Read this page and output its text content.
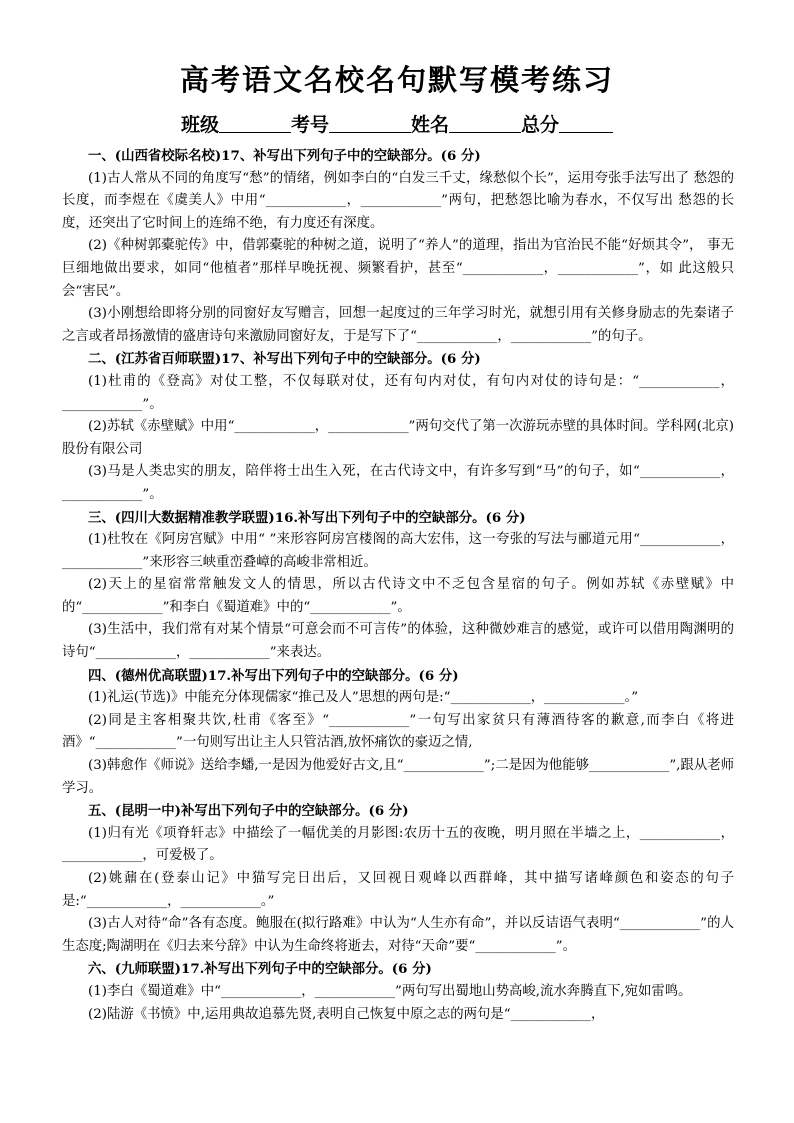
高考语文名校名句默写模考练习
班级	考号	姓名	总分
一、(山西省校际名校)17、补写出下列句子中的空缺部分。(6 分)
(1)古人常从不同的角度写“愁”的情绪，例如李白的“白发三千丈，缘愁似个长”，运用夸张手法写出了 愁怨的长度，而李煜在《虞美人》中用“____________，____________”两句，把愁怨比喻为春水，不仅写出 愁怨的长度，还突出了它时间上的连绵不绝，有力度还有深度。
(2)《种树郭橐驼传》中，借郭橐驼的种树之道，说明了“养人”的道理，指出为官治民不能“好烦其令”， 事无巨细地做出要求，如同“他植者”那样早晚抚视、频繁看护，甚至“____________，____________”，如 此这般只会“害民”。
(3)小刚想给即将分别的同窗好友写赠言，回想一起度过的三年学习时光，就想引用有关修身励志的先秦诸子之言或者昂扬激情的盛唐诗句来激励同窗好友，于是写下了“____________，____________”的句子。
二、(江苏省百师联盟)17、补写出下列句子中的空缺部分。(6 分)
(1)杜甫的《登高》对仗工整，不仅每联对仗，还有句内对仗，有句内对仗的诗句是：“____________，____________”。
(2)苏轼《赤壁赋》中用“____________，____________”两句交代了第一次游玩赤壁的具体时间。学科网(北京)股份有限公司
(3)马是人类忠实的朋友，陪伴将士出生入死，在古代诗文中，有许多写到“马”的句子，如“____________，____________”。
三、(四川大数据精准教学联盟)16.补写出下列句子中的空缺部分。(6 分)
(1)杜牧在《阿房宫赋》中用“ ”来形容阿房宫楼阁的高大宏伟，这一夸张的写法与郦道元用“____________，____________”来形容三峡重峦叠嶂的高峻非常相近。
(2)天上的星宿常常触发文人的情思，所以古代诗文中不乏包含星宿的句子。例如苏轼《赤壁赋》中的“____________”和李白《蜀道难》中的“____________”。
(3)生活中，我们常有对某个情景“可意会而不可言传”的体验，这种微妙难言的感觉，或许可以借用陶渊明的诗句“____________，____________”来表达。
四、(德州优高联盟)17.补写出下列句子中的空缺部分。(6 分)
(1)礼运(节选)》中能充分体现儒家“推己及人”思想的两句是:“____________，____________。”
(2)同是主客相聚共饮,杜甫《客至》“____________”一句写出家贫只有薄酒待客的歉意,而李白《将进酒》“____________”一句则写出让主人只管沽酒,放怀痛饮的豪迈之情,
(3)韩愈作《师说》送给李蟠,一是因为他爱好古文,且“____________”;二是因为他能够____________”,跟从老师学习。
五、(昆明一中)补写出下列句子中的空缺部分。(6 分)
(1)归有光《项脊轩志》中描绘了一幅优美的月影图:农历十五的夜晚，明月照在半墙之上，____________，____________，可爱极了。
(2)姚鼐在(登泰山记》中猫写完日出后，又回视日观峰以西群峰，其中描写诸峰颜色和姿态的句子是:“____________，____________。”
(3)古人对待“命”各有态度。鲍服在(拟行路难》中认为“人生亦有命”，并以反诘语气表明“____________”的人生态度;陶湖明在《归去来兮辞》中认为生命终将逝去，对待“天命”要“____________”。
六、(九师联盟)17.补写出下列句子中的空缺部分。(6 分)
(1)李白《蜀道难》中“____________，____________”两句写出蜀地山势高峻,流水奔腾直下,宛如雷鸣。
(2)陆游《书愤》中,运用典故追慕先贤,表明自己恢复中原之志的两句是“____________，
